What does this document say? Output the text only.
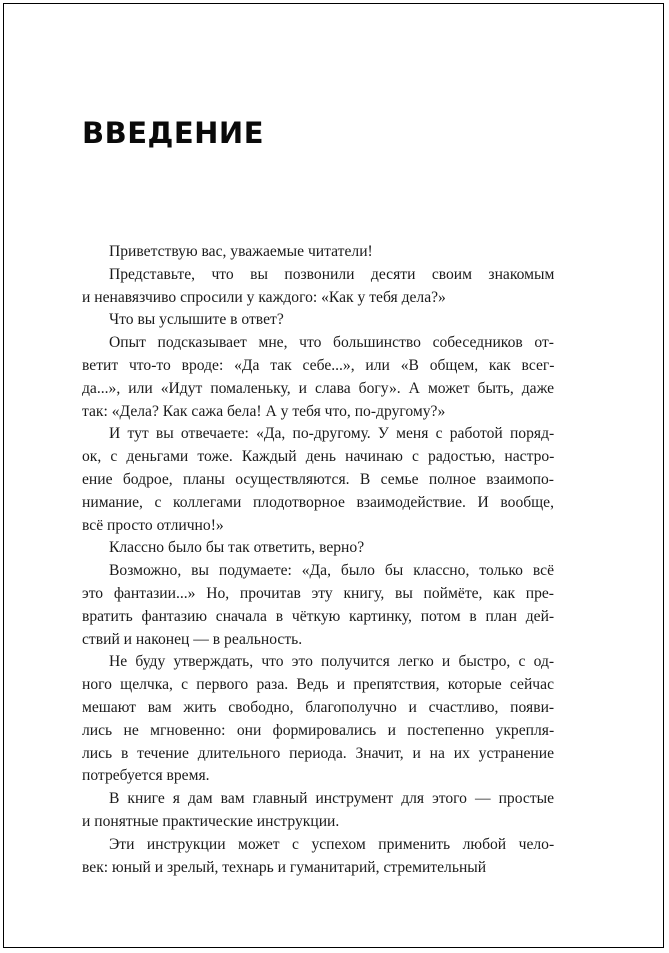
ВВЕДЕНИЕ

Приветствую вас, уважаемые читатели!

Представьте, что вы позвонили десяти своим знакомым
и ненавязчиво спросили у каждого: «Как у тебя дела?»

Что вы услышите в ответ?

Опыт подсказывает мне, что большинство собеседников от-
ветит что-то вроде: «Да так себе...», или «В общем, как всег-
да...», или «Идут помаленьку, и слава богу». А может быть, даже
так: «Дела? Как сажа бела! А у тебя что, по-другому?»

И тут вы отвечаете: «Да, по-другому. У меня с работой поряд-
ок, с деньгами тоже. Каждый день начинаю с радостью, настро-
ение бодрое, планы осуществляются. В семье полное взаимопо-
нимание, с коллегами плодотворное взаимодействие. И вообще,
всё просто отлично!»

Классно было бы так ответить, верно?

Возможно, вы подумаете: «Да, было бы классно, только всё
это фантазии...» Но, прочитав эту книгу, вы поймёте, как пре-
вратить фантазию сначала в чёткую картинку, потом в план дей-
ствий и наконец — в реальность.

Не буду утверждать, что это получится легко и быстро, с од-
ного щелчка, с первого раза. Ведь и препятствия, которые сейчас
мешают вам жить свободно, благополучно и счастливо, появи-
лись не мгновенно: они формировались и постепенно укрепля-
лись в течение длительного периода. Значит, и на их устранение
потребуется время.

В книге я дам вам главный инструмент для этого — простые
и понятные практические инструкции.

Эти инструкции может с успехом применить любой чело-
век: юный и зрелый, технарь и гуманитарий, стремительный
